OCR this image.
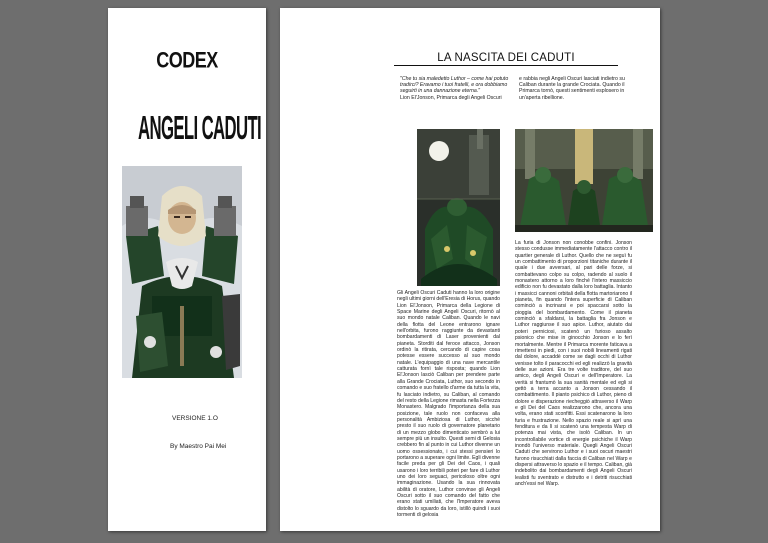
CODEX
ANGELI CADUTI
VERSIONE 1.O
By Maestro Pai Mei
LA NASCITA DEI CADUTI
"Che tu sia maledetto Luthor – come hai potuto tradirci? Eravamo i tuoi fratelli, e ora dobbiamo seguirti in una dannazione eterna."
Lion El'Jonson, Primarca degli Angeli Oscuri
e rabbia negli Angeli Oscuri lasciati indietro su Caliban durante la grande Crociata. Quando il Primarca tornò, questi sentimenti esplosero in un'aperta ribellione.
Gli Angeli Oscuri Caduti hanno la loro origine negli ultimi giorni dell'Eresia di Horus, quando Lion El'Jonson, Primarca della Legione di Space Marine degli Angeli Oscuri, ritornò al suo mondo natale Caliban. Quando le navi della flotta del Leone entrarono ignare nell'orbita, furono raggiunte da devastanti bombardamenti di Laser provenienti dal pianeta. Storditi dal feroce attacco, Jonson ordinò la ritirata, cercando di capire cosa potesse essere successo al suo mondo natale. L'equipaggio di una nave mercantile catturata fornì tale risposta; quando Lion El'Jonson lasciò Caliban per prendere parte alla Grande Crociata, Luthor, suo secondo in comando e suo fratello d'arme da tutta la vita, fu lasciato indietro, su Caliban, al comando del resto della Legione rimasta nella Fortezza Monastero. Malgrado l'importanza della sua posizione, tale ruolo non confaceva alla personalità Ambiziosa di Luthor, sicché presto il suo ruolo di governatore planetario di un mezzo globo dimenticato sembrò a lui sempre più un insulto. Questi semi di Gelosia crebbero fin al punto in cui Luthor divenne un uomo ossessionato, i cui stessi pensieri lo portarono a superare ogni limite. Egli divenne facile preda per gli Dei del Caos, i quali usarono i loro terribili poteri per fare di Luthor uno dei loro seguaci, pericoloso oltre ogni immaginazione. Usando la sua rinnovata abilità di oratore, Luthor convinse gli Angeli Oscuri sotto il suo comando del fatto che erano stati umiliati, che l'Imperatore aveva distolto lo sguardo da loro, istillò quindi i suoi tormenti di gelosia
La furia di Jonson non conobbe confini. Jonson stesso condusse immediatamente l'attacco contro il quartier generale di Luthor. Quello che ne seguì fu un combattimento di proporzioni titaniche durante il quale i due avversari, al pari delle forze, si combattevano colpo su colpo, radendo al suolo il monastero attorno a loro finché l'intero massiccio edificio non fu devastato dalla loro battaglia. Intanto i massicci cannoni orbitali della flotta martoriarono il pianeta, fin quando l'intera superficie di Caliban cominciò a incrinarsi e poi spaccarsi sotto la pioggia del bombardamento. Come il pianeta cominciò a sfaldarsi, la battaglia fra Jonson e Luthor raggiunse il suo apice. Luthor, aiutato dai poteri perniciosi, scatenò un furioso assalto psionico che mise in ginocchio Jonson e lo ferì mortalmente. Mentre il Primarca morente faticava a rimettersi in piedi, con i suoi nobili lineamenti rigati dal dolore, accaddè come se dagli occhi di Luthor venisse tolto il paracocchi ed egli realizzò la gravità delle sue azioni. Era tre volte traditore, del suo amico, degli Angeli Oscuri e dell'Imperatore. La verità si frantumò la sua sanità mentale ed egli si gettò a terra accanto a Jonson cessando il combattimento. Il pianto psichico di Luthor, pieno di dolore e disperazione riecheggiò attraverso il Warp e gli Dei del Caos realizzarono che, ancora una volta, erano stati sconfitti. Essi scatenarono la loro furia e frustrazione. Nello spazio reale si aprì una fenditura e da lì si scatenò una tempesta Warp di potenza mai vista, che isolò Caliban. In un incontrollabile vortice di energie psichiche il Warp inondò l'universo materiale. Quegli Angeli Oscuri Caduti che servirono Luthor e i suoi oscuri maestri furono risucchiati dalla faccia di Caliban nel Warp e dispersi attraverso lo spazio e il tempo. Caliban, già indebolito dai bombardamenti degli Angeli Oscuri lealisti fu sventrato e distrutto e i detriti risucchiati anch'essi nel Warp.
